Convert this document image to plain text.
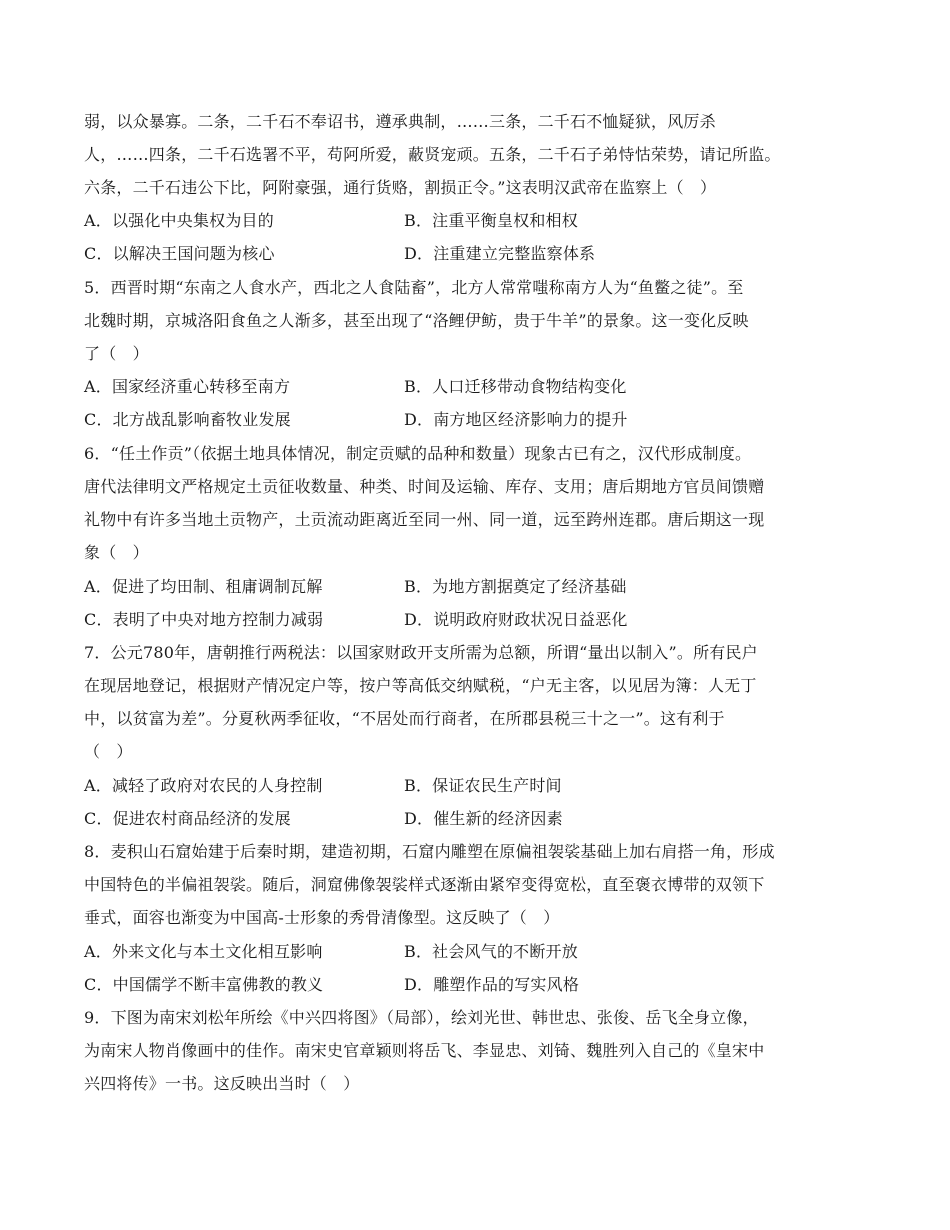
弱，以众暴寡。二条，二千石不奉诏书，遵承典制，……三条，二千石不恤疑狱，风厉杀
人，……四条，二千石选署不平，苟阿所爱，蔽贤宠顽。五条，二千石子弟恃怙荣势，请记所监。
六条，二千石违公下比，阿附豪强，通行货赂，割损正令。”这表明汉武帝在监察上（　）
A．以强化中央集权为目的	B．注重平衡皇权和相权
C．以解决王国问题为核心	D．注重建立完整监察体系
5．西晋时期“东南之人食水产，西北之人食陆畜”，北方人常常嗤称南方人为“鱼鳖之徒”。至
北魏时期，京城洛阳食鱼之人渐多，甚至出现了“洛鲤伊鲂，贵于牛羊”的景象。这一变化反映
了（　）
A．国家经济重心转移至南方	B．人口迁移带动食物结构变化
C．北方战乱影响畜牧业发展	D．南方地区经济影响力的提升
6．“任土作贡”（依据土地具体情况，制定贡赋的品种和数量）现象古已有之，汉代形成制度。
唐代法律明文严格规定土贡征收数量、种类、时间及运输、库存、支用；唐后期地方官员间馈赠
礼物中有许多当地土贡物产，土贡流动距离近至同一州、同一道，远至跨州连郡。唐后期这一现
象（　）
A．促进了均田制、租庸调制瓦解	B．为地方割据奠定了经济基础
C．表明了中央对地方控制力减弱	D．说明政府财政状况日益恶化
7．公元780年，唐朝推行两税法：以国家财政开支所需为总额，所谓“量出以制入”。所有民户
在现居地登记，根据财产情况定户等，按户等高低交纳赋税，“户无主客，以见居为簿：人无丁
中，以贫富为差”。分夏秋两季征收，“不居处而行商者，在所郡县税三十之一”。这有利于
（　）
A．减轻了政府对农民的人身控制	B．保证农民生产时间
C．促进农村商品经济的发展	D．催生新的经济因素
8．麦积山石窟始建于后秦时期，建造初期，石窟内雕塑在原偏祖袈裟基础上加右肩搭一角，形成
中国特色的半偏祖袈裟。随后，洞窟佛像袈裟样式逐渐由紧窄变得宽松，直至褒衣博带的双领下
垂式，面容也渐变为中国高‑士形象的秀骨清像型。这反映了（　）
A．外来文化与本土文化相互影响	B．社会风气的不断开放
C．中国儒学不断丰富佛教的教义	D．雕塑作品的写实风格
9．下图为南宋刘松年所绘《中兴四将图》（局部），绘刘光世、韩世忠、张俊、岳飞全身立像，
为南宋人物肖像画中的佳作。南宋史官章颖则将岳飞、李显忠、刘锜、魏胜列入自己的《皇宋中
兴四将传》一书。这反映出当时（　）
